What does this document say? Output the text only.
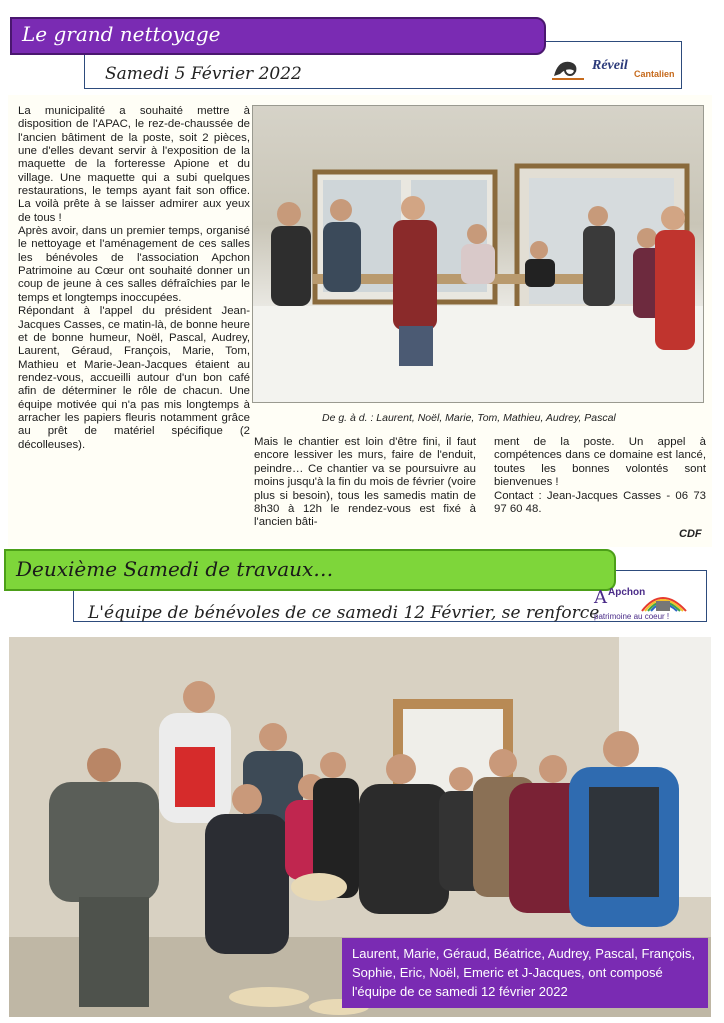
Le grand nettoyage
Samedi 5 Février 2022	Réveil
Cantalien
La municipalité a souhaité mettre à disposition de l'APAC, le rez-de-chaussée de l'ancien bâtiment de la poste, soit 2 pièces, une d'elles devant servir à l'exposition de la maquette de la forteresse Apione et du village. Une maquette qui a subi quelques restaurations, le temps ayant fait son office. La voilà prête à se laisser admirer aux yeux de tous !
Après avoir, dans un premier temps, organisé le nettoyage et l'aménagement de ces salles les bénévoles de l'association Apchon Patrimoine au Cœur ont souhaité donner un coup de jeune à ces salles défraîchies par le temps et longtemps inoccupées.
Répondant à l'appel du président Jean-Jacques Casses, ce matin-là, de bonne heure et de bonne humeur, Noël, Pascal, Audrey, Laurent, Géraud, François, Marie, Tom, Mathieu et Marie-Jean-Jacques étaient au rendez-vous, accueilli autour d'un bon café afin de déterminer le rôle de chacun. Une équipe motivée qui n'a pas mis longtemps à arracher les papiers fleuris notamment grâce au prêt de matériel spécifique (2 décolleuses).
De g. à d. : Laurent, Noël, Marie, Tom, Mathieu, Audrey, Pascal
Mais le chantier est loin d'être fini, il faut encore lessiver les murs, faire de l'enduit, peindre… Ce chantier va se poursuivre au moins jusqu'à la fin du mois de février (voire plus si besoin), tous les samedis matin de 8h30 à 12h le rendez-vous est fixé à l'ancien bâti-
ment de la poste. Un appel à compétences dans ce domaine est lancé, toutes les bonnes volontés sont bienvenues !
Contact : Jean-Jacques Casses - 06 73 97 60 48.
CDF
Deuxième Samedi de travaux…
L'équipe de bénévoles de ce samedi 12 Février, se renforce
A Apchon
patrimoine au coeur !
Laurent, Marie, Géraud, Béatrice, Audrey, Pascal, François, Sophie, Eric, Noël, Emeric et J-Jacques, ont composé l'équipe de ce samedi 12 février 2022
